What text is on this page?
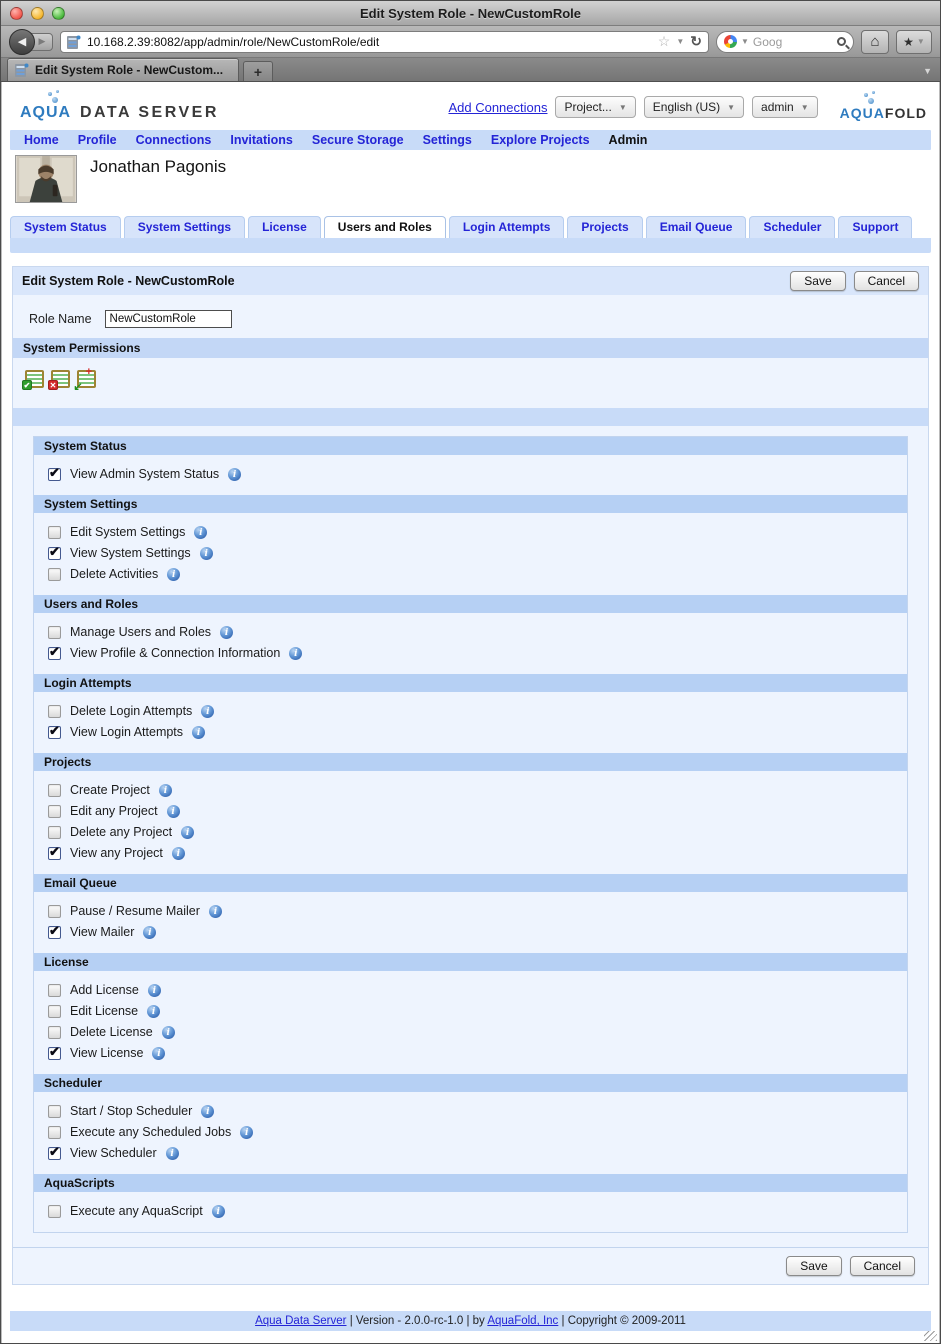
Edit System Role - NewCustomRole
◀	▶	10.168.2.39:8082/app/admin/role/NewCustomRole/edit	☆ ▼ ↻	▼ Goog	⌂	★ ▼
Edit System Role - NewCustom...	+	▼
AQUA DATA SERVER	Add Connections Project... ▼ English (US) ▼ admin ▼ AQUAFOLD
Home Profile Connections Invitations Secure Storage Settings Explore Projects Admin
Jonathan Pagonis
System Status	System Settings	License	Users and Roles	Login Attempts	Projects	Email Queue	Scheduler	Support
Edit System Role - NewCustomRole	Save	Cancel
Role Name
NewCustomRole
System Permissions
✔ ✕ ↙
+
System Status
✔
View Admin System Status	i
System Settings
Edit System Settings	i
✔
View System Settings	i
Delete Activities	i
Users and Roles
Manage Users and Roles	i
✔
View Profile & Connection Information	i
Login Attempts
Delete Login Attempts	i
✔
View Login Attempts	i
Projects
Create Project	i
Edit any Project	i
Delete any Project	i
✔
View any Project	i
Email Queue
Pause / Resume Mailer	i
✔
View Mailer	i
License
Add License	i
Edit License	i
Delete License	i
✔
View License	i
Scheduler
Start / Stop Scheduler	i
Execute any Scheduled Jobs	i
✔
View Scheduler	i
AquaScripts
Execute any AquaScript	i
Save	Cancel
Aqua Data Server | Version - 2.0.0-rc-1.0 | by AquaFold, Inc | Copyright © 2009-2011
